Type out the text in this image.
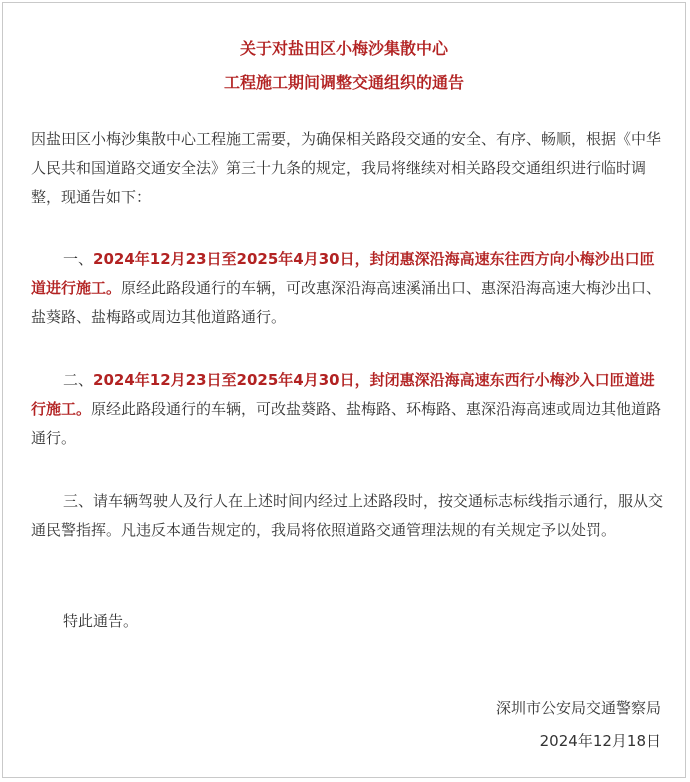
关于对盐田区小梅沙集散中心
工程施工期间调整交通组织的通告

因盐田区小梅沙集散中心工程施工需要，为确保相关路段交通的安全、有序、畅顺，根据《中华人民共和国道路交通安全法》第三十九条的规定，我局将继续对相关路段交通组织进行临时调整，现通告如下：

一、2024年12月23日至2025年4月30日，封闭惠深沿海高速东往西方向小梅沙出口匝道进行施工。原经此路段通行的车辆，可改惠深沿海高速溪涌出口、惠深沿海高速大梅沙出口、盐葵路、盐梅路或周边其他道路通行。

二、2024年12月23日至2025年4月30日，封闭惠深沿海高速东西行小梅沙入口匝道进行施工。原经此路段通行的车辆，可改盐葵路、盐梅路、环梅路、惠深沿海高速或周边其他道路通行。

三、请车辆驾驶人及行人在上述时间内经过上述路段时，按交通标志标线指示通行，服从交通民警指挥。凡违反本通告规定的，我局将依照道路交通管理法规的有关规定予以处罚。

特此通告。

深圳市公安局交通警察局
2024年12月18日
